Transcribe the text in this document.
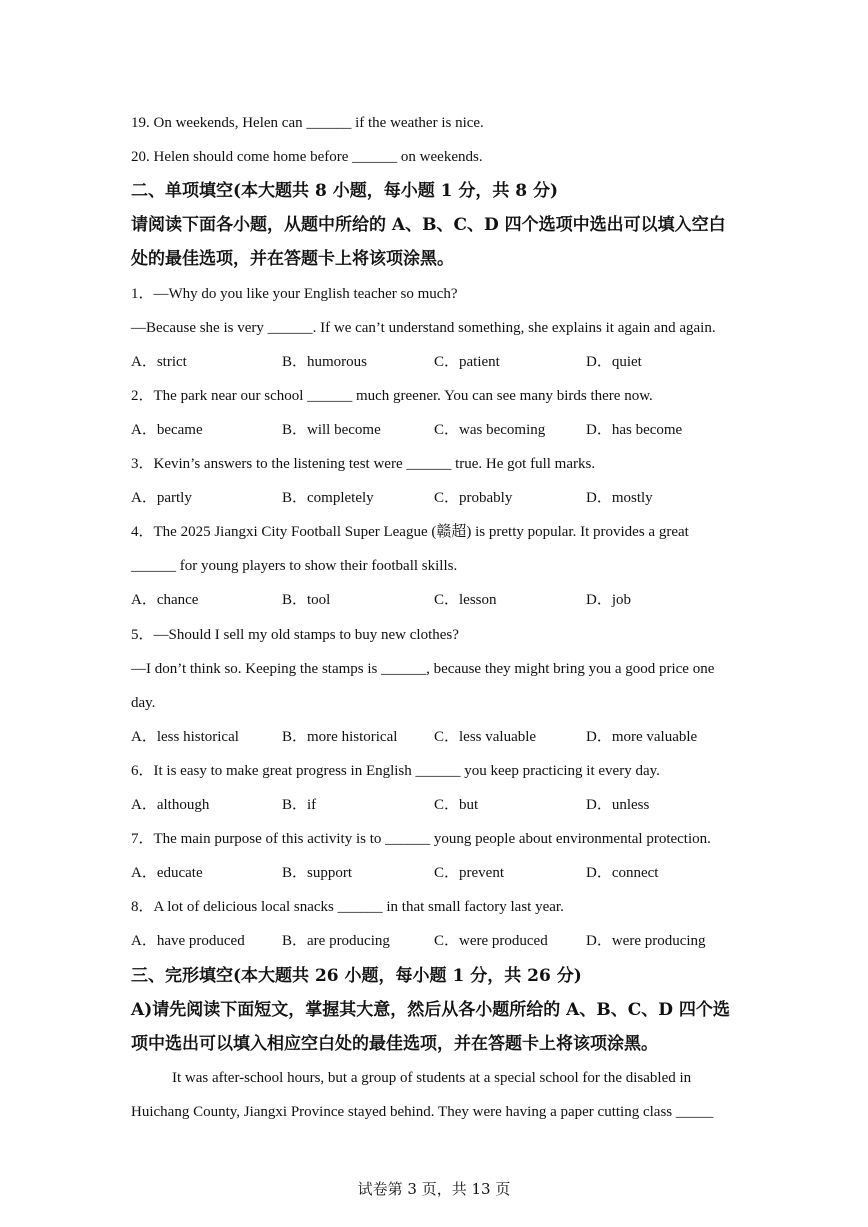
19. On weekends, Helen can ______ if the weather is nice.
20. Helen should come home before ______ on weekends.
二、单项填空(本大题共 8 小题，每小题 1 分，共 8 分)
请阅读下面各小题，从题中所给的 A、B、C、D 四个选项中选出可以填入空白
处的最佳选项，并在答题卡上将该项涂黑。
1．—Why do you like your English teacher so much?
—Because she is very ______. If we can’t understand something, she explains it again and again.
A．strict	B．humorous	C．patient	D．quiet
2．The park near our school ______ much greener. You can see many birds there now.
A．became	B．will become	C．was becoming	D．has become
3．Kevin’s answers to the listening test were ______ true. He got full marks.
A．partly	B．completely	C．probably	D．mostly
4．The 2025 Jiangxi City Football Super League (赣超) is pretty popular. It provides a great
______ for young players to show their football skills.
A．chance	B．tool	C．lesson	D．job
5．—Should I sell my old stamps to buy new clothes?
—I don’t think so. Keeping the stamps is ______, because they might bring you a good price one
day.
A．less historical	B．more historical C．less valuable	D．more valuable
6．It is easy to make great progress in English ______ you keep practicing it every day.
A．although	B．if	C．but	D．unless
7．The main purpose of this activity is to ______ young people about environmental protection.
A．educate	B．support	C．prevent	D．connect
8．A lot of delicious local snacks ______ in that small factory last year.
A．have produced B．are producing	C．were produced	D．were producing
三、完形填空(本大题共 26 小题，每小题 1 分，共 26 分)
A)请先阅读下面短文，掌握其大意，然后从各小题所给的 A、B、C、D 四个选
项中选出可以填入相应空白处的最佳选项，并在答题卡上将该项涂黑。
It was after-school hours, but a group of students at a special school for the disabled in
Huichang County, Jiangxi Province stayed behind. They were having a paper cutting class _____
试卷第 3 页，共 13 页
